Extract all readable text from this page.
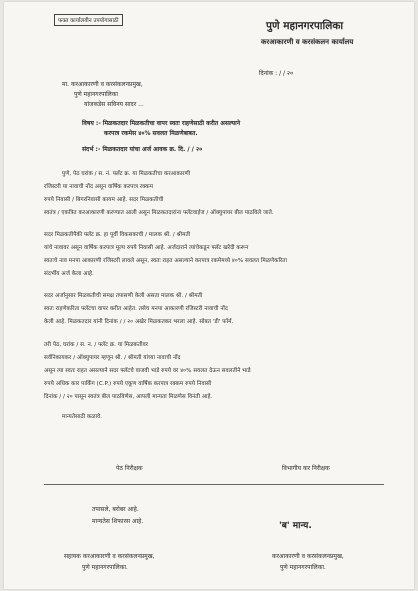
फक्त कार्यालयीन उपयोगासाठी	पुणे महानगरपालिका
करआकारणी व करसंकलन कार्यालय
दिनांक : / / २०
मा. करआकारणी व करसंकलनप्रमुख,
पुणे महानगरपालिका
यांजकडेस सविनय सादर ...
विषय :- मिळकतदार मिळकतीचा वापर स्वतः राहणेसाठी करीत असल्याने
करपात्र रकमेस ४०% सवलत मिळणेबाबत.
संदर्भ :- मिळकतदार यांचा अर्ज आवक क्र. दि. / / २०
पुणे, पेठ घरांक / स. नं. फ्लॅट क्र. या मिळकतीचा करआकारणी
रजिस्टरी या नावाची नोंद असून वार्षिक करपात्र रक्कम
रुपये निवासी / बिगरनिवासी कायम आहे. सदर मिळकतीची
स्वतंत्र / एकत्रित करआकारणी करण्यात आली असून मिळकतदारांना फ्लॅटवाईज / ऑक्युपायर बील पाठविले जाते.
सदर मिळकतीपैकी फ्लॅट क्र. हा पूर्वी विकसकाची / मालक श्री. / श्रीमती
यांचे नावावर असून वार्षिक करपात्र मूल्य रुपये निवासी आहे. अर्जदाराने त्यांचेकडून फ्लॅट खरेदी करून
स्वतःचे नाव मनपा आकारणी रजिस्टरी लावले असून, स्वतः राहत असल्याने करपात्र रकमेमध्ये ४०% सवलत मिळणेकरिता
संदर्भीय अर्ज केला आहे.
सदर अर्जानुसार मिळकतीची समक्ष तपासणी केली असता मालक श्री. / श्रीमती
स्वतः राहणेकरिता फ्लॅटचा वापर करीत आहेत. तसेच मनपा आकारणी रजिस्टरी नावाची नोंद
केली आहे. मिळकतदार यांनी दिनांक / / २० अखेर मिळकतकर भरला आहे. सोबत 'डी' फॉर्म.
तरी पेठ, घरांक / स. न. / फ्लॅट क्र. या मिळकतीवर
सर्वनिकायकर / ऑक्युपायर म्हणून श्री. / श्रीमती यांच्या नावाची नोंद
असून त्या स्वतः राहत असल्याने सदर फ्लॅटचे वाजवी भाडे रुपये वर ४०% सवलत देऊन सवलतीने भाडे
रुपये अधिक कार पार्किंग (C.P.) रुपये एकूण वार्षिक करपात्र रक्कम रुपये निवासी
दिनांक / / २० पासून स्वतंत्र बील पाठविणेस, आपली मान्यता मिळणेस विनंती आहे.
मान्यतेसाठी कळावे.
पेठ निरीक्षक	विभागीय कर निरीक्षक
तपासले, बरोबर आहे.
मान्यतेस शिफारस आहे.	'ब' मान्य.
सहायक करआकारणी व करसंकलनप्रमुख,
पुणे महानगरपालिका.
करआकारणी व करसंकलनप्रमुख,
पुणे महानगरपालिका.
